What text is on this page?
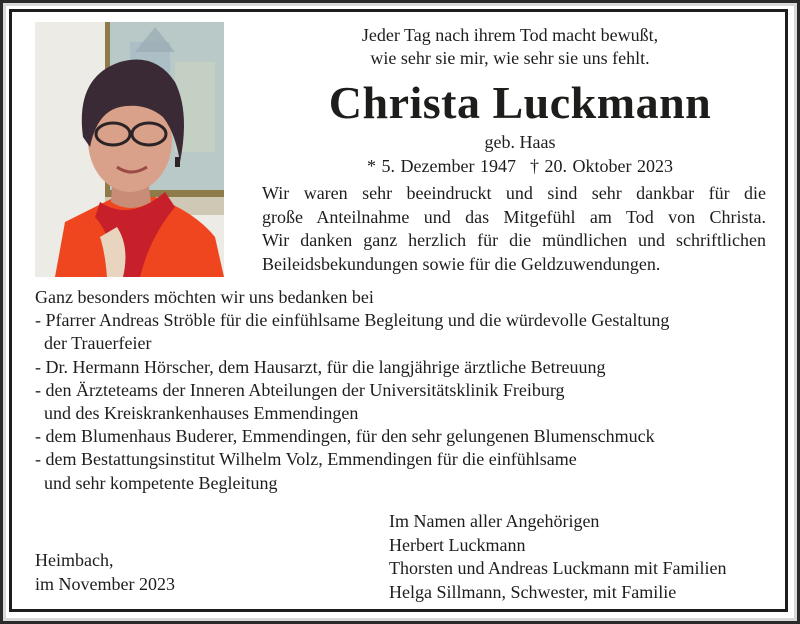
Jeder Tag nach ihrem Tod macht bewußt,
wie sehr sie mir, wie sehr sie uns fehlt.
Christa Luckmann
geb. Haas
* 5. Dezember 1947 † 20. Oktober 2023
Wir waren sehr beeindruckt und sind sehr dankbar für die
große Anteilnahme und das Mitgefühl am Tod von Christa.
Wir danken ganz herzlich für die mündlichen und schriftlichen
Beileidsbekundungen sowie für die Geldzuwendungen.
Ganz besonders möchten wir uns bedanken bei
- Pfarrer Andreas Ströble für die einfühlsame Begleitung und die würdevolle Gestaltung
der Trauerfeier
- Dr. Hermann Hörscher, dem Hausarzt, für die langjährige ärztliche Betreuung
- den Ärzteteams der Inneren Abteilungen der Universitätsklinik Freiburg
und des Kreiskrankenhauses Emmendingen
- dem Blumenhaus Buderer, Emmendingen, für den sehr gelungenen Blumenschmuck
- dem Bestattungsinstitut Wilhelm Volz, Emmendingen für die einfühlsame
und sehr kompetente Begleitung
Heimbach,
im November 2023
Im Namen aller Angehörigen
Herbert Luckmann
Thorsten und Andreas Luckmann mit Familien
Helga Sillmann, Schwester, mit Familie
